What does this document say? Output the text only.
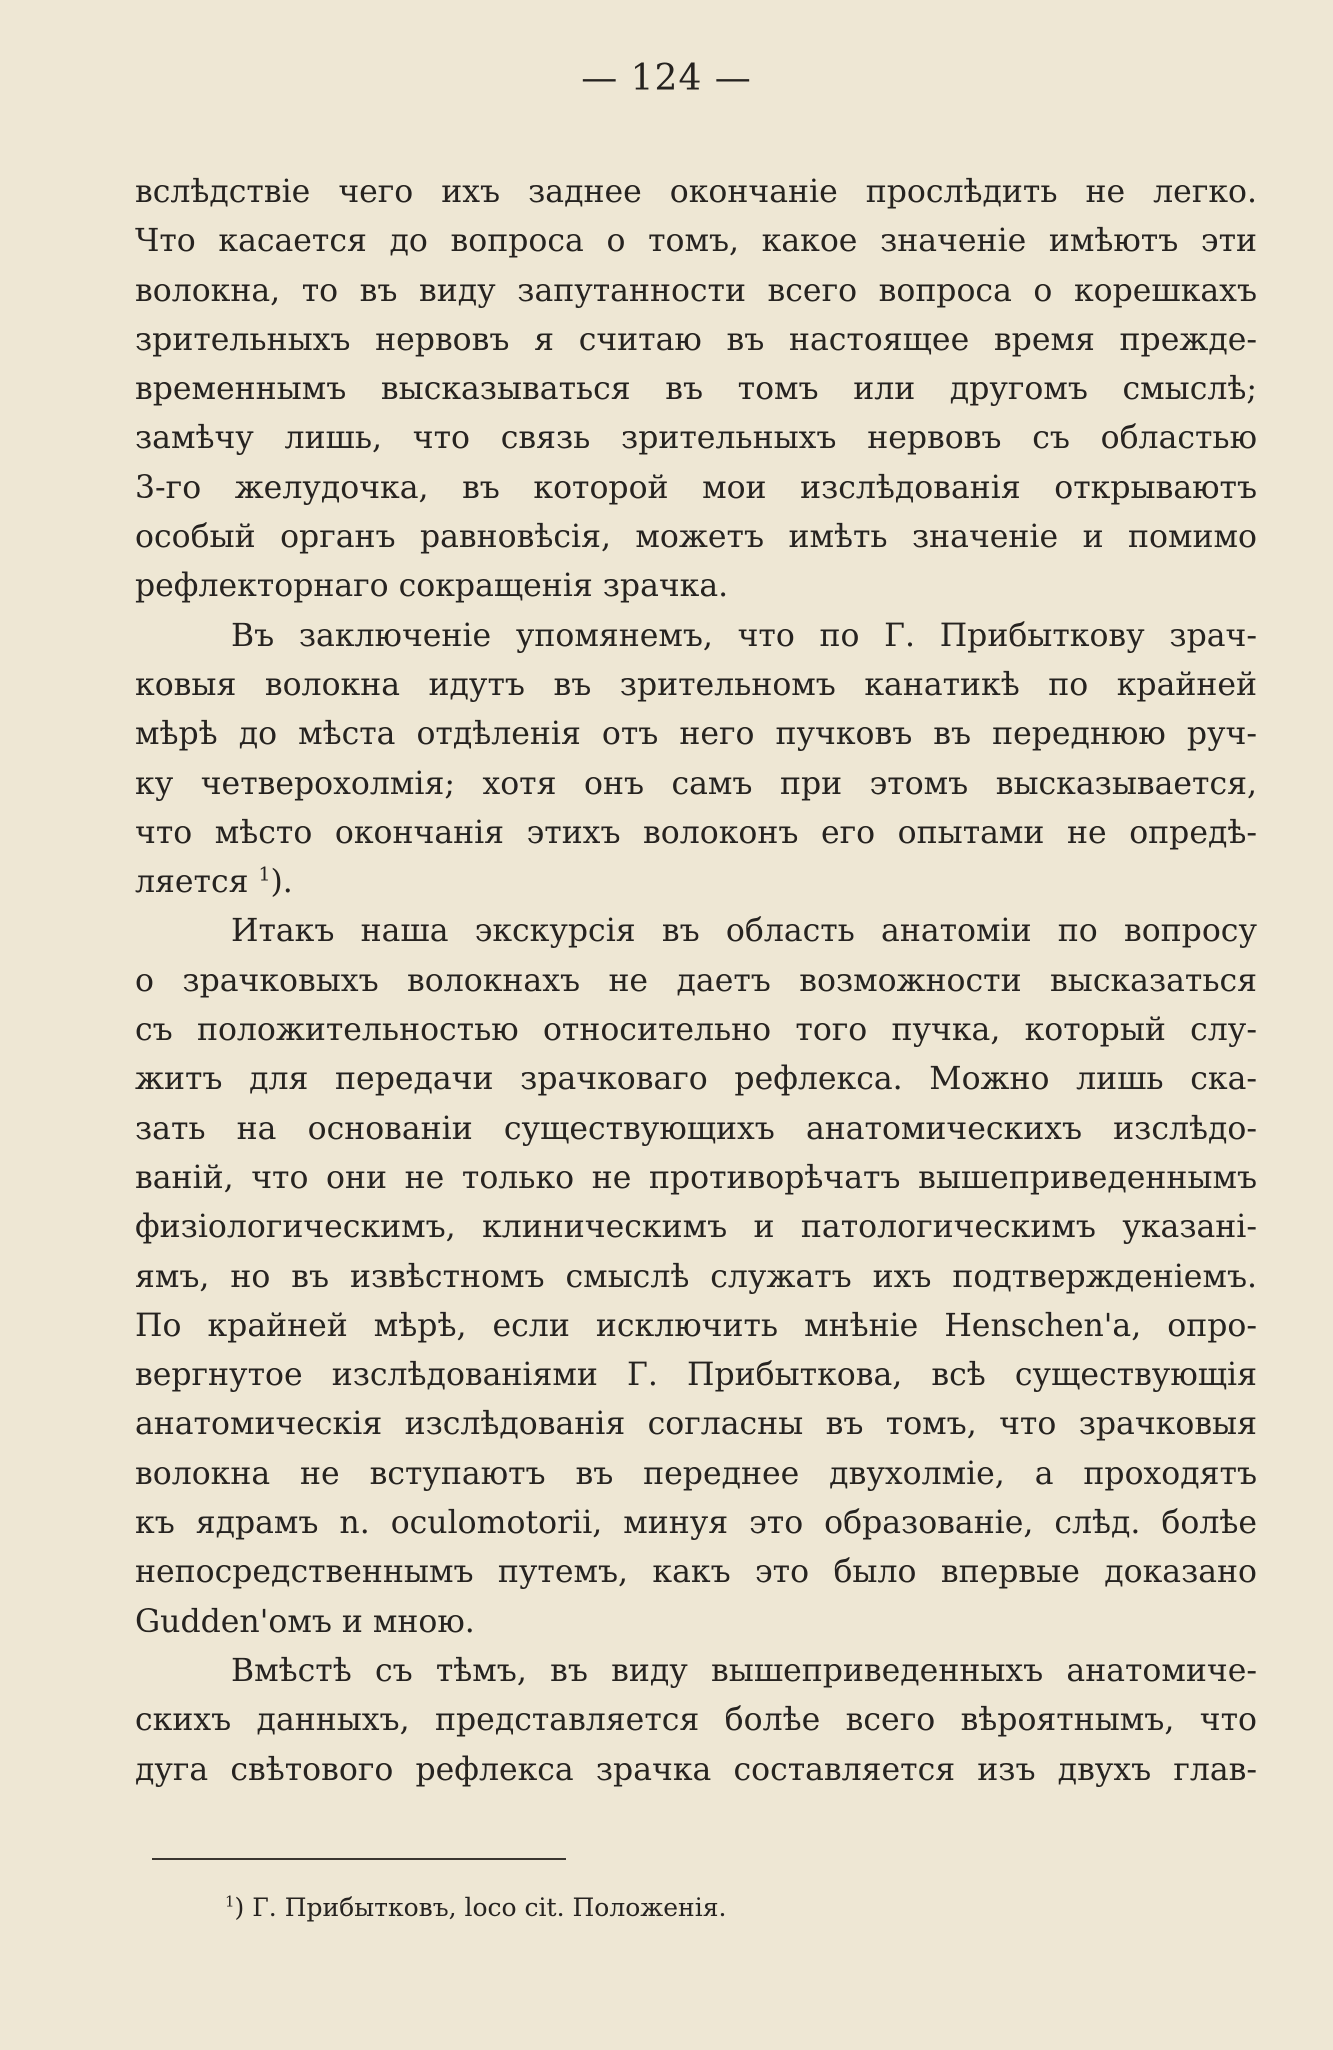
— 124 —
вслѣдствіе чего ихъ заднее окончаніе прослѣдить не легко.
Что касается до вопроса о томъ, какое значеніе имѣютъ эти
волокна, то въ виду запутанности всего вопроса о корешкахъ
зрительныхъ нервовъ я считаю въ настоящее время прежде-
временнымъ высказываться въ томъ или другомъ смыслѣ;
замѣчу лишь, что связь зрительныхъ нервовъ съ областью
3-го желудочка, въ которой мои изслѣдованія открываютъ
особый органъ равновѣсія, можетъ имѣть значеніе и помимо
рефлекторнаго сокращенія зрачка.
Въ заключеніе упомянемъ, что по Г. Прибыткову зрач-
ковыя волокна идутъ въ зрительномъ канатикѣ по крайней
мѣрѣ до мѣста отдѣленія отъ него пучковъ въ переднюю руч-
ку четверохолмія; хотя онъ самъ при этомъ высказывается,
что мѣсто окончанія этихъ волоконъ его опытами не опредѣ-
ляется $^1$).
Итакъ наша экскурсія въ область анатоміи по вопросу
о зрачковыхъ волокнахъ не даетъ возможности высказаться
съ положительностью относительно того пучка, который слу-
житъ для передачи зрачковаго рефлекса. Можно лишь ска-
зать на основаніи существующихъ анатомическихъ изслѣдо-
ваній, что они не только не противорѣчатъ вышеприведеннымъ
физіологическимъ, клиническимъ и патологическимъ указані-
ямъ, но въ извѣстномъ смыслѣ служатъ ихъ подтвержденіемъ.
По крайней мѣрѣ, если исключить мнѣніе Henschen'а, опро-
вергнутое изслѣдованіями Г. Прибыткова, всѣ существующія
анатомическія изслѣдованія согласны въ томъ, что зрачковыя
волокна не вступаютъ въ переднее двухолміе, а проходятъ
къ ядрамъ n. oculomotorii, минуя это образованіе, слѣд. болѣе
непосредственнымъ путемъ, какъ это было впервые доказано
Gudden'омъ и мною.
Вмѣстѣ съ тѣмъ, въ виду вышеприведенныхъ анатомиче-
скихъ данныхъ, представляется болѣе всего вѣроятнымъ, что
дуга свѣтового рефлекса зрачка составляется изъ двухъ глав-
$^1$) Г. Прибытковъ, loco cit. Положенія.
